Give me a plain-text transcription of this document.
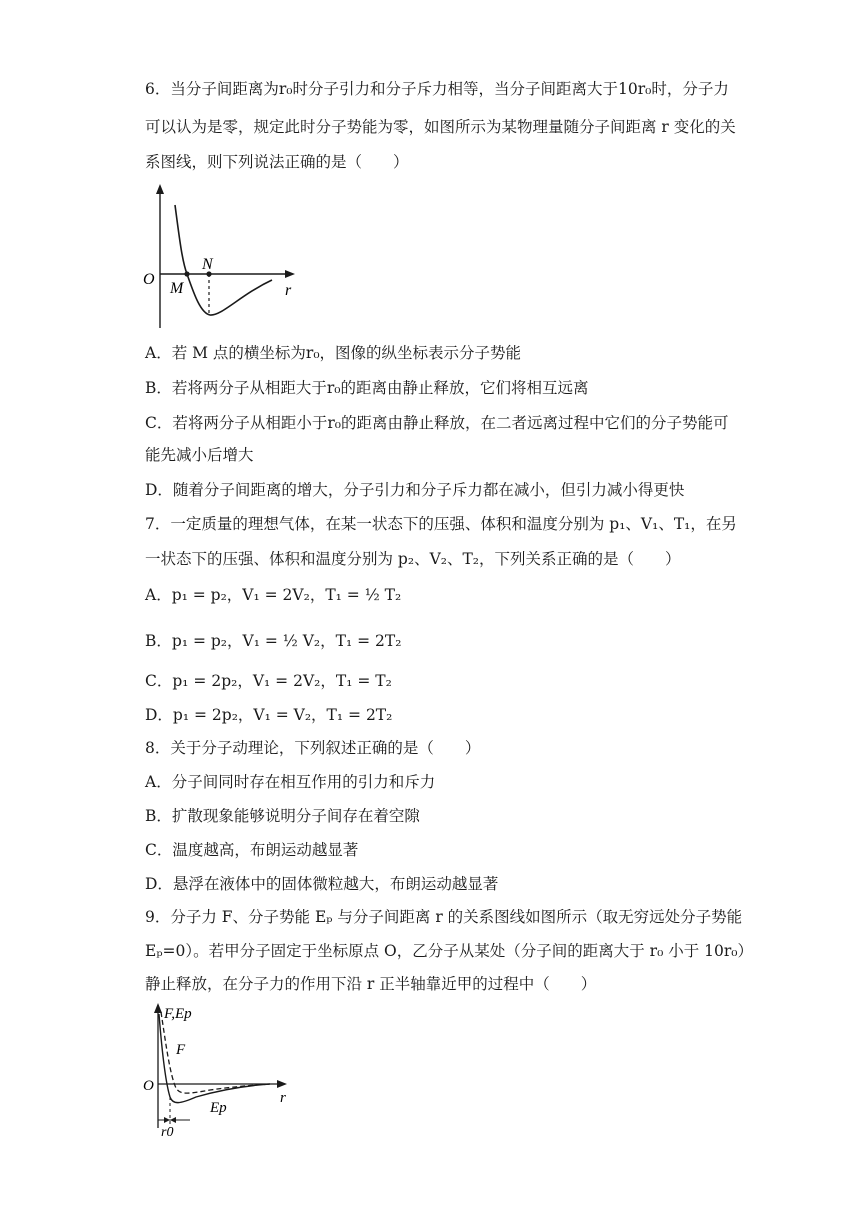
6．当分子间距离为r₀时分子引力和分子斥力相等，当分子间距离大于10r₀时，分子力
可以认为是零，规定此时分子势能为零，如图所示为某物理量随分子间距离 r 变化的关
系图线，则下列说法正确的是（　　）
O
M
N
r
A．若 M 点的横坐标为r₀，图像的纵坐标表示分子势能
B．若将两分子从相距大于r₀的距离由静止释放，它们将相互远离
C．若将两分子从相距小于r₀的距离由静止释放，在二者远离过程中它们的分子势能可
能先减小后增大
D．随着分子间距离的增大，分子引力和分子斥力都在减小，但引力减小得更快
7．一定质量的理想气体，在某一状态下的压强、体积和温度分别为 p₁、V₁、T₁，在另
一状态下的压强、体积和温度分别为 p₂、V₂、T₂，下列关系正确的是（　　）
A．p₁ = p₂，V₁ = 2V₂，T₁ = ½ T₂
B．p₁ = p₂，V₁ = ½ V₂，T₁ = 2T₂
C．p₁ = 2p₂，V₁ = 2V₂，T₁ = T₂
D．p₁ = 2p₂，V₁ = V₂，T₁ = 2T₂
8．关于分子动理论，下列叙述正确的是（　　）
A．分子间同时存在相互作用的引力和斥力
B．扩散现象能够说明分子间存在着空隙
C．温度越高，布朗运动越显著
D．悬浮在液体中的固体微粒越大，布朗运动越显著
9．分子力 F、分子势能 Eₚ 与分子间距离 r 的关系图线如图所示（取无穷远处分子势能
Eₚ=0）。若甲分子固定于坐标原点 O，乙分子从某处（分子间的距离大于 r₀ 小于 10r₀）
静止释放，在分子力的作用下沿 r 正半轴靠近甲的过程中（　　）
F,Ep
F
Ep
O
r
r0
